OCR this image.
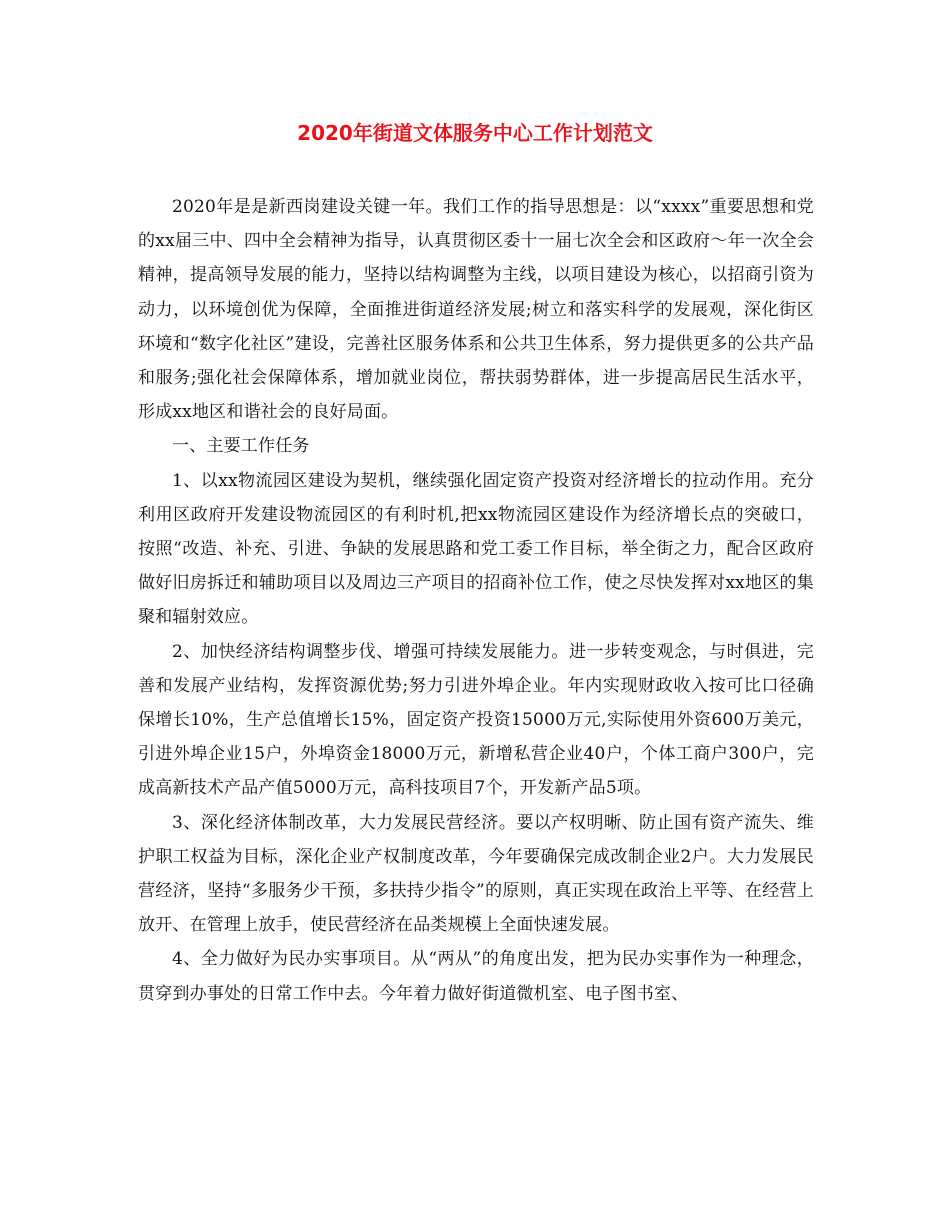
2020年街道文体服务中心工作计划范文

2020年是是新西岗建设关键一年。我们工作的指导思想是：以“xxxx”重要思想和党的xx届三中、四中全会精神为指导，认真贯彻区委十一届七次全会和区政府～年一次全会精神，提高领导发展的能力，坚持以结构调整为主线，以项目建设为核心，以招商引资为动力，以环境创优为保障，全面推进街道经济发展;树立和落实科学的发展观，深化街区环境和“数字化社区”建设，完善社区服务体系和公共卫生体系，努力提供更多的公共产品和服务;强化社会保障体系，增加就业岗位，帮扶弱势群体，进一步提高居民生活水平，形成xx地区和谐社会的良好局面。

一、主要工作任务

1、以xx物流园区建设为契机，继续强化固定资产投资对经济增长的拉动作用。充分利用区政府开发建设物流园区的有利时机,把xx物流园区建设作为经济增长点的突破口，按照“改造、补充、引进、争缺的发展思路和党工委工作目标，举全街之力，配合区政府做好旧房拆迁和辅助项目以及周边三产项目的招商补位工作，使之尽快发挥对xx地区的集聚和辐射效应。

2、加快经济结构调整步伐、增强可持续发展能力。进一步转变观念，与时俱进，完善和发展产业结构，发挥资源优势;努力引进外埠企业。年内实现财政收入按可比口径确保增长10%，生产总值增长15%，固定资产投资15000万元,实际使用外资600万美元，引进外埠企业15户，外埠资金18000万元，新增私营企业40户，个体工商户300户，完成高新技术产品产值5000万元，高科技项目7个，开发新产品5项。

3、深化经济体制改革，大力发展民营经济。要以产权明晰、防止国有资产流失、维护职工权益为目标，深化企业产权制度改革，今年要确保完成改制企业2户。大力发展民营经济，坚持“多服务少干预，多扶持少指令”的原则，真正实现在政治上平等、在经营上放开、在管理上放手，使民营经济在品类规模上全面快速发展。

4、全力做好为民办实事项目。从“两从”的角度出发，把为民办实事作为一种理念，贯穿到办事处的日常工作中去。今年着力做好街道微机室、电子图书室、
